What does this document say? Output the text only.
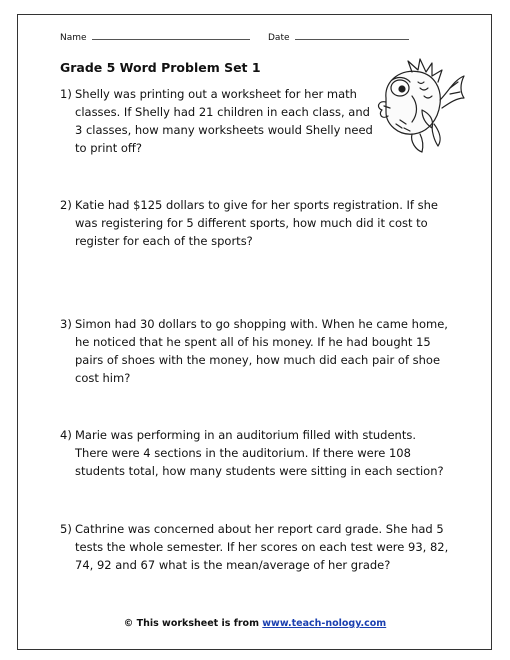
Name	Date
Grade 5 Word Problem Set 1
1) Shelly was printing out a worksheet for her math classes. If Shelly had 21 children in each class, and 3 classes, how many worksheets would Shelly need to print off?
2) Katie had $125 dollars to give for her sports registration. If she was registering for 5 different sports, how much did it cost to register for each of the sports?
3) Simon had 30 dollars to go shopping with. When he came home, he noticed that he spent all of his money. If he had bought 15 pairs of shoes with the money, how much did each pair of shoe cost him?
4) Marie was performing in an auditorium filled with students. There were 4 sections in the auditorium. If there were 108 students total, how many students were sitting in each section?
5) Cathrine was concerned about her report card grade. She had 5 tests the whole semester. If her scores on each test were 93, 82, 74, 92 and 67 what is the mean/average of her grade?
© This worksheet is from www.teach-nology.com
